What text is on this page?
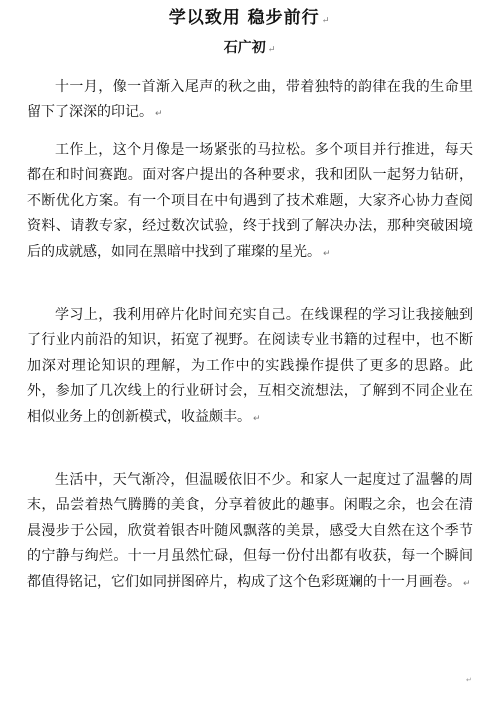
学以致用 稳步前行 ↵
石广初 ↵

十一月，像一首渐入尾声的秋之曲，带着独特的韵律在我的生命里留下了深深的印记。 ↵

工作上，这个月像是一场紧张的马拉松。多个项目并行推进，每天都在和时间赛跑。面对客户提出的各种要求，我和团队一起努力钻研，不断优化方案。有一个项目在中旬遇到了技术难题，大家齐心协力查阅资料、请教专家，经过数次试验，终于找到了解决办法，那种突破困境后的成就感，如同在黑暗中找到了璀璨的星光。 ↵

学习上，我利用碎片化时间充实自己。在线课程的学习让我接触到了行业内前沿的知识，拓宽了视野。在阅读专业书籍的过程中，也不断加深对理论知识的理解，为工作中的实践操作提供了更多的思路。此外，参加了几次线上的行业研讨会，互相交流想法，了解到不同企业在相似业务上的创新模式，收益颇丰。 ↵

生活中，天气渐冷，但温暖依旧不少。和家人一起度过了温馨的周末，品尝着热气腾腾的美食，分享着彼此的趣事。闲暇之余，也会在清晨漫步于公园，欣赏着银杏叶随风飘落的美景，感受大自然在这个季节的宁静与绚烂。十一月虽然忙碌，但每一份付出都有收获，每一个瞬间都值得铭记，它们如同拼图碎片，构成了这个色彩斑斓的十一月画卷。 ↵

↵
